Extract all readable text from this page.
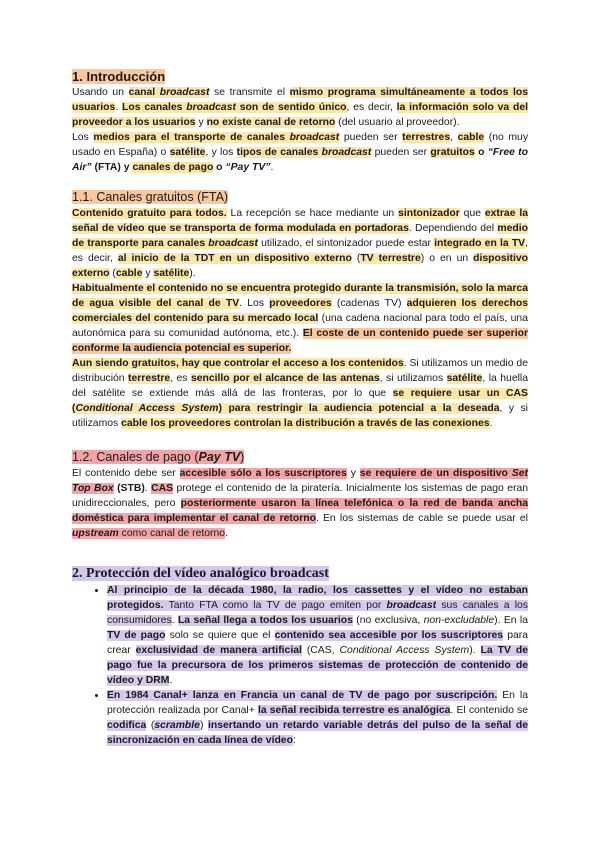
1. Introducción

Usando un canal broadcast se transmite el mismo programa simultáneamente a todos los usuarios. Los canales broadcast son de sentido único, es decir, la información solo va del proveedor a los usuarios y no existe canal de retorno (del usuario al proveedor).

Los medios para el transporte de canales broadcast pueden ser terrestres, cable (no muy usado en España) o satélite, y los tipos de canales broadcast pueden ser gratuitos o “Free to Air” (FTA) y canales de pago o “Pay TV”.

1.1. Canales gratuitos (FTA)

Contenido gratuito para todos. La recepción se hace mediante un sintonizador que extrae la señal de vídeo que se transporta de forma modulada en portadoras. Dependiendo del medio de transporte para canales broadcast utilizado, el sintonizador puede estar integrado en la TV, es decir, al inicio de la TDT en un dispositivo externo (TV terrestre) o en un dispositivo externo (cable y satélite).

Habitualmente el contenido no se encuentra protegido durante la transmisión, solo la marca de agua visible del canal de TV. Los proveedores (cadenas TV) adquieren los derechos comerciales del contenido para su mercado local (una cadena nacional para todo el país, una autonómica para su comunidad autónoma, etc.). El coste de un contenido puede ser superior conforme la audiencia potencial es superior.

Aun siendo gratuitos, hay que controlar el acceso a los contenidos. Si utilizamos un medio de distribución terrestre, es sencillo por el alcance de las antenas, si utilizamos satélite, la huella del satélite se extiende más allá de las fronteras, por lo que se requiere usar un CAS (Conditional Access System) para restringir la audiencia potencial a la deseada, y si utilizamos cable los proveedores controlan la distribución a través de las conexiones.

1.2. Canales de pago (Pay TV)

El contenido debe ser accesible sólo a los suscriptores y se requiere de un dispositivo Set Top Box (STB). CAS protege el contenido de la piratería. Inicialmente los sistemas de pago eran unidireccionales, pero posteriormente usaron la línea telefónica o la red de banda ancha doméstica para implementar el canal de retorno. En los sistemas de cable se puede usar el upstream como canal de retorno.

2. Protección del vídeo analógico broadcast
• Al principio de la década 1980, la radio, los cassettes y el vídeo no estaban protegidos. Tanto FTA como la TV de pago emiten por broadcast sus canales a los consumidores. La señal llega a todos los usuarios (no exclusiva, non-excludable). En la TV de pago solo se quiere que el contenido sea accesible por los suscriptores para crear exclusividad de manera artificial (CAS, Conditional Access System). La TV de pago fue la precursora de los primeros sistemas de protección de contenido de vídeo y DRM.
• En 1984 Canal+ lanza en Francia un canal de TV de pago por suscripción. En la protección realizada por Canal+ la señal recibida terrestre es analógica. El contenido se codifica (scramble) insertando un retardo variable detrás del pulso de la señal de sincronización en cada línea de vídeo:
